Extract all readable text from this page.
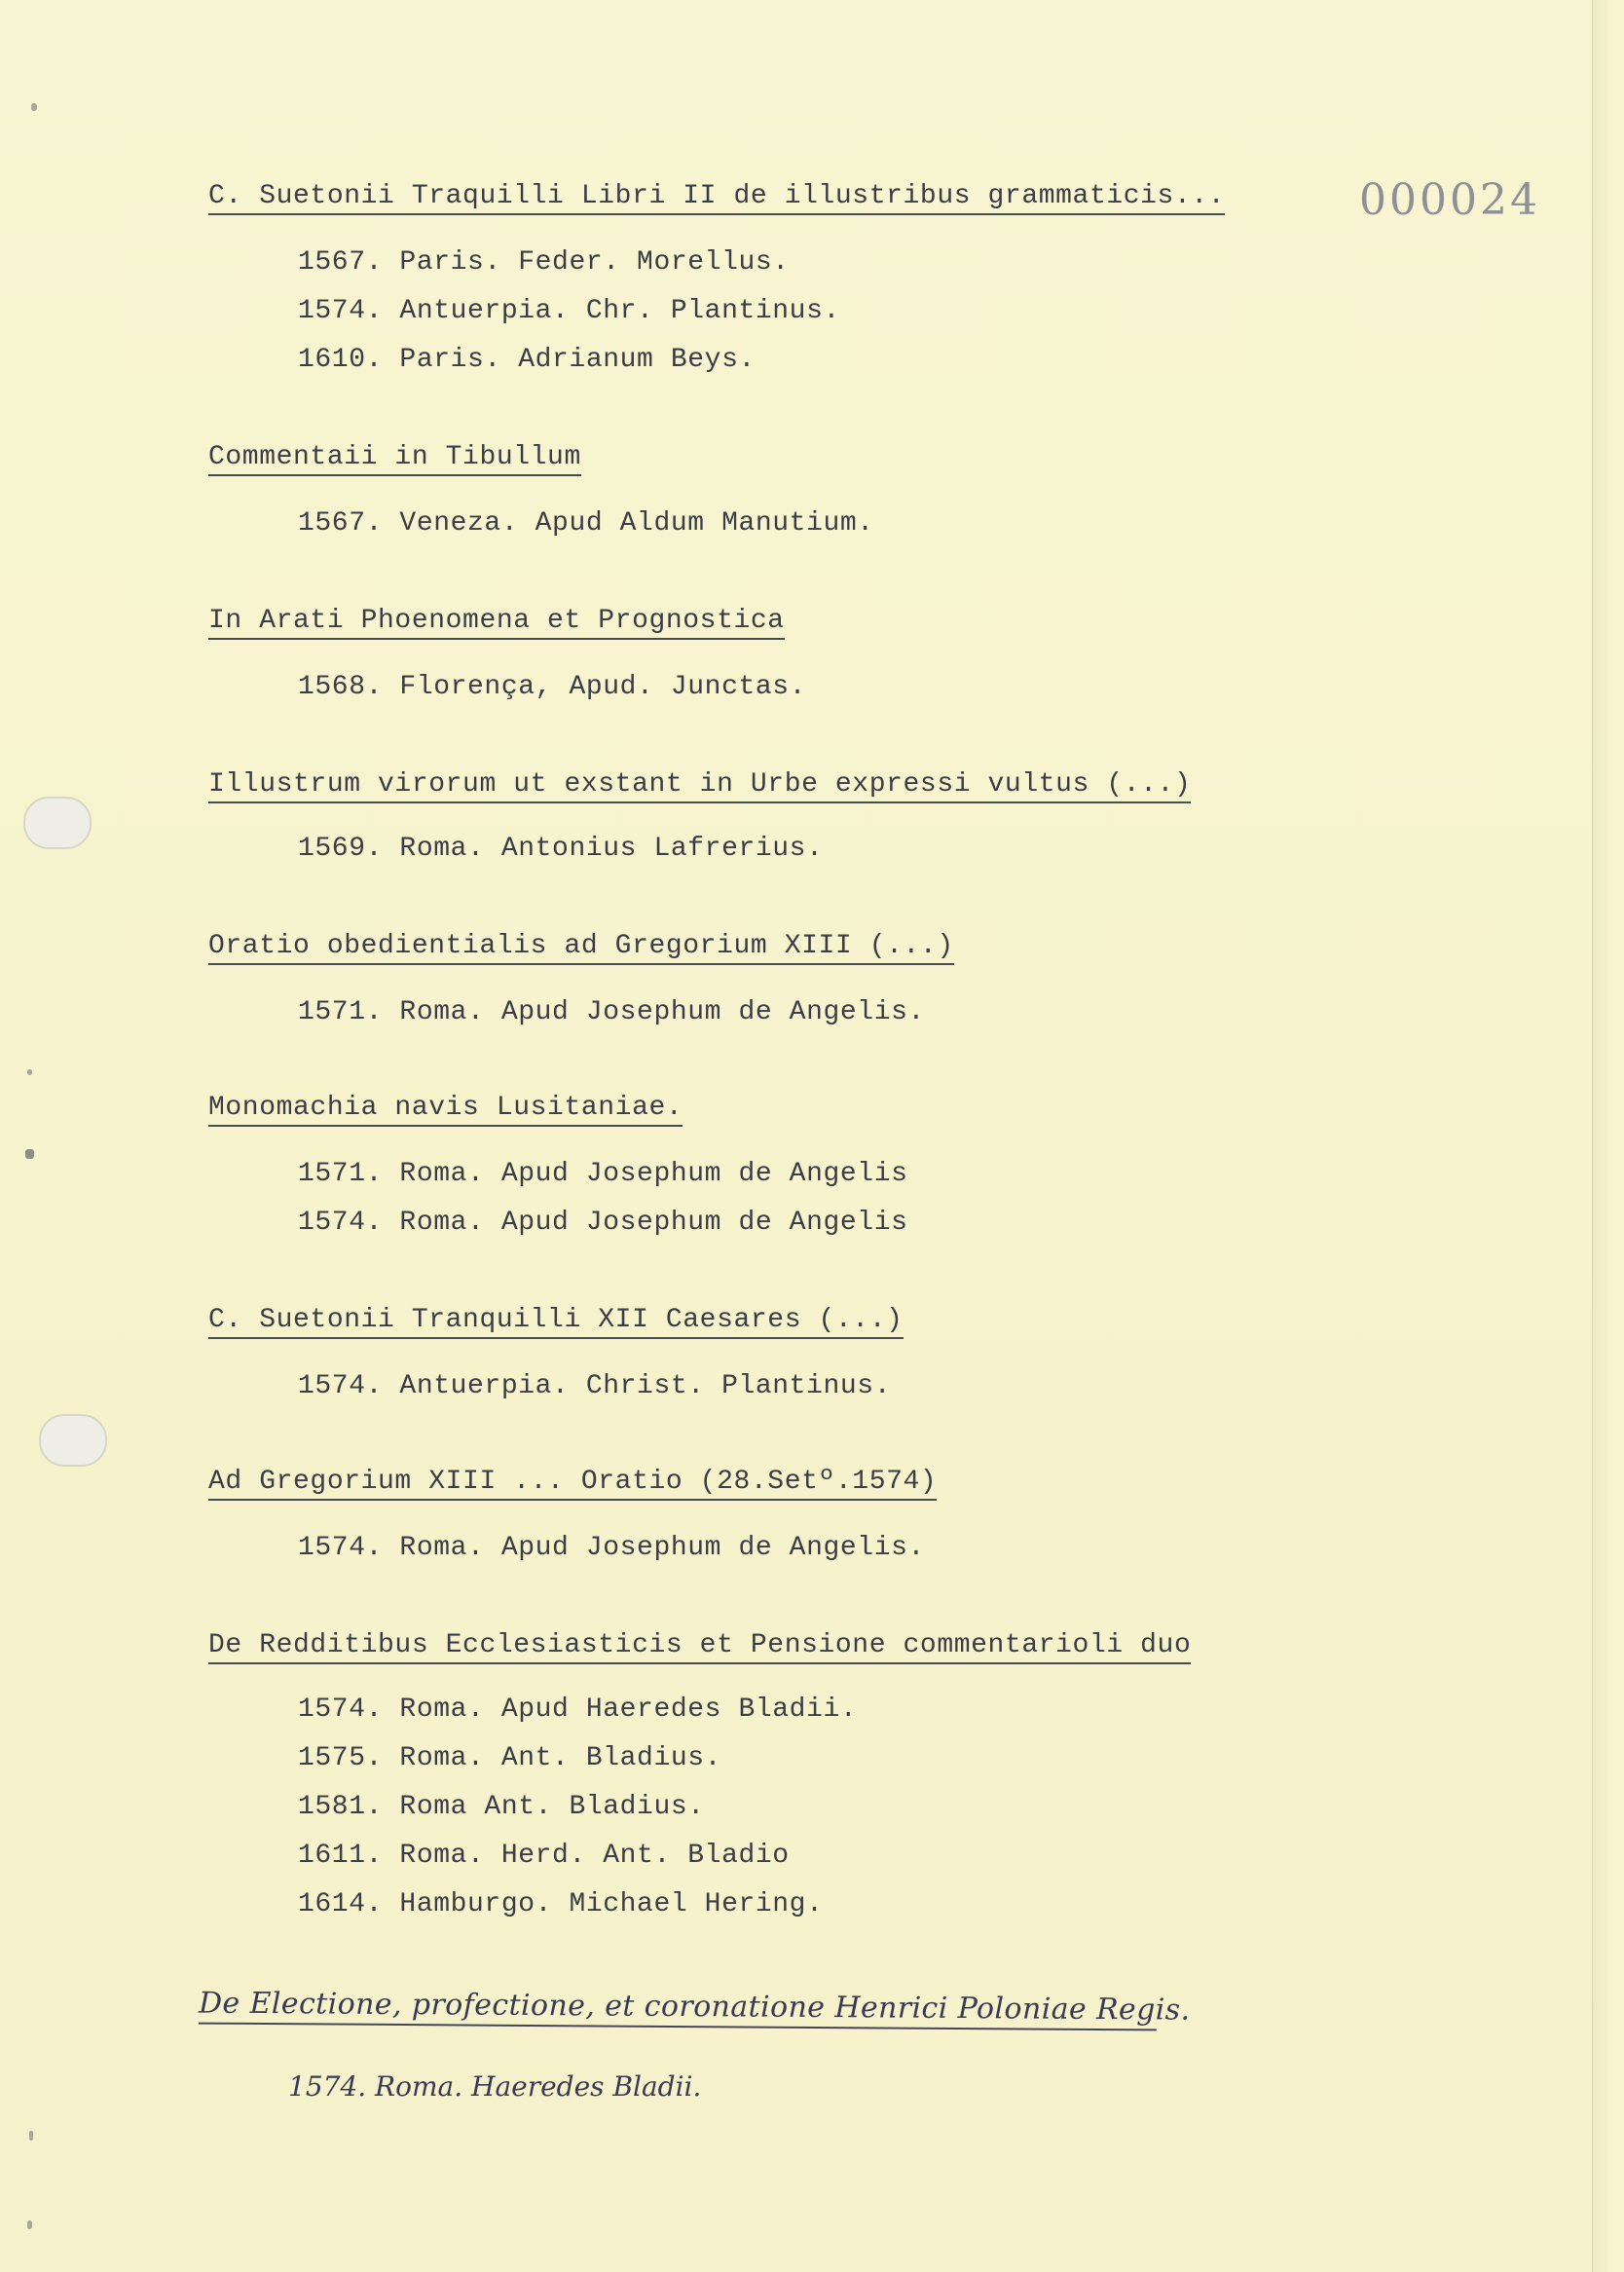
000024
C. Suetonii Traquilli Libri II de illustribus grammaticis...
1567. Paris. Feder. Morellus.
1574. Antuerpia. Chr. Plantinus.
1610. Paris. Adrianum Beys.
Commentaii in Tibullum
1567. Veneza. Apud Aldum Manutium.
In Arati Phoenomena et Prognostica
1568. Florença, Apud. Junctas.
Illustrum virorum ut exstant in Urbe expressi vultus (...)
1569. Roma. Antonius Lafrerius.
Oratio obedientialis ad Gregorium XIII (...)
1571. Roma. Apud Josephum de Angelis.
Monomachia navis Lusitaniae.
1571. Roma. Apud Josephum de Angelis
1574. Roma. Apud Josephum de Angelis
C. Suetonii Tranquilli XII Caesares (...)
1574. Antuerpia. Christ. Plantinus.
Ad Gregorium XIII ... Oratio (28.Setº.1574)
1574. Roma. Apud Josephum de Angelis.
De Redditibus Ecclesiasticis et Pensione commentarioli duo
1574. Roma. Apud Haeredes Bladii.
1575. Roma. Ant. Bladius.
1581. Roma Ant. Bladius.
1611. Roma. Herd. Ant. Bladio
1614. Hamburgo. Michael Hering.
De Electione, profectione, et coronatione Henrici Poloniae Regis.
1574. Roma. Haeredes Bladii.
